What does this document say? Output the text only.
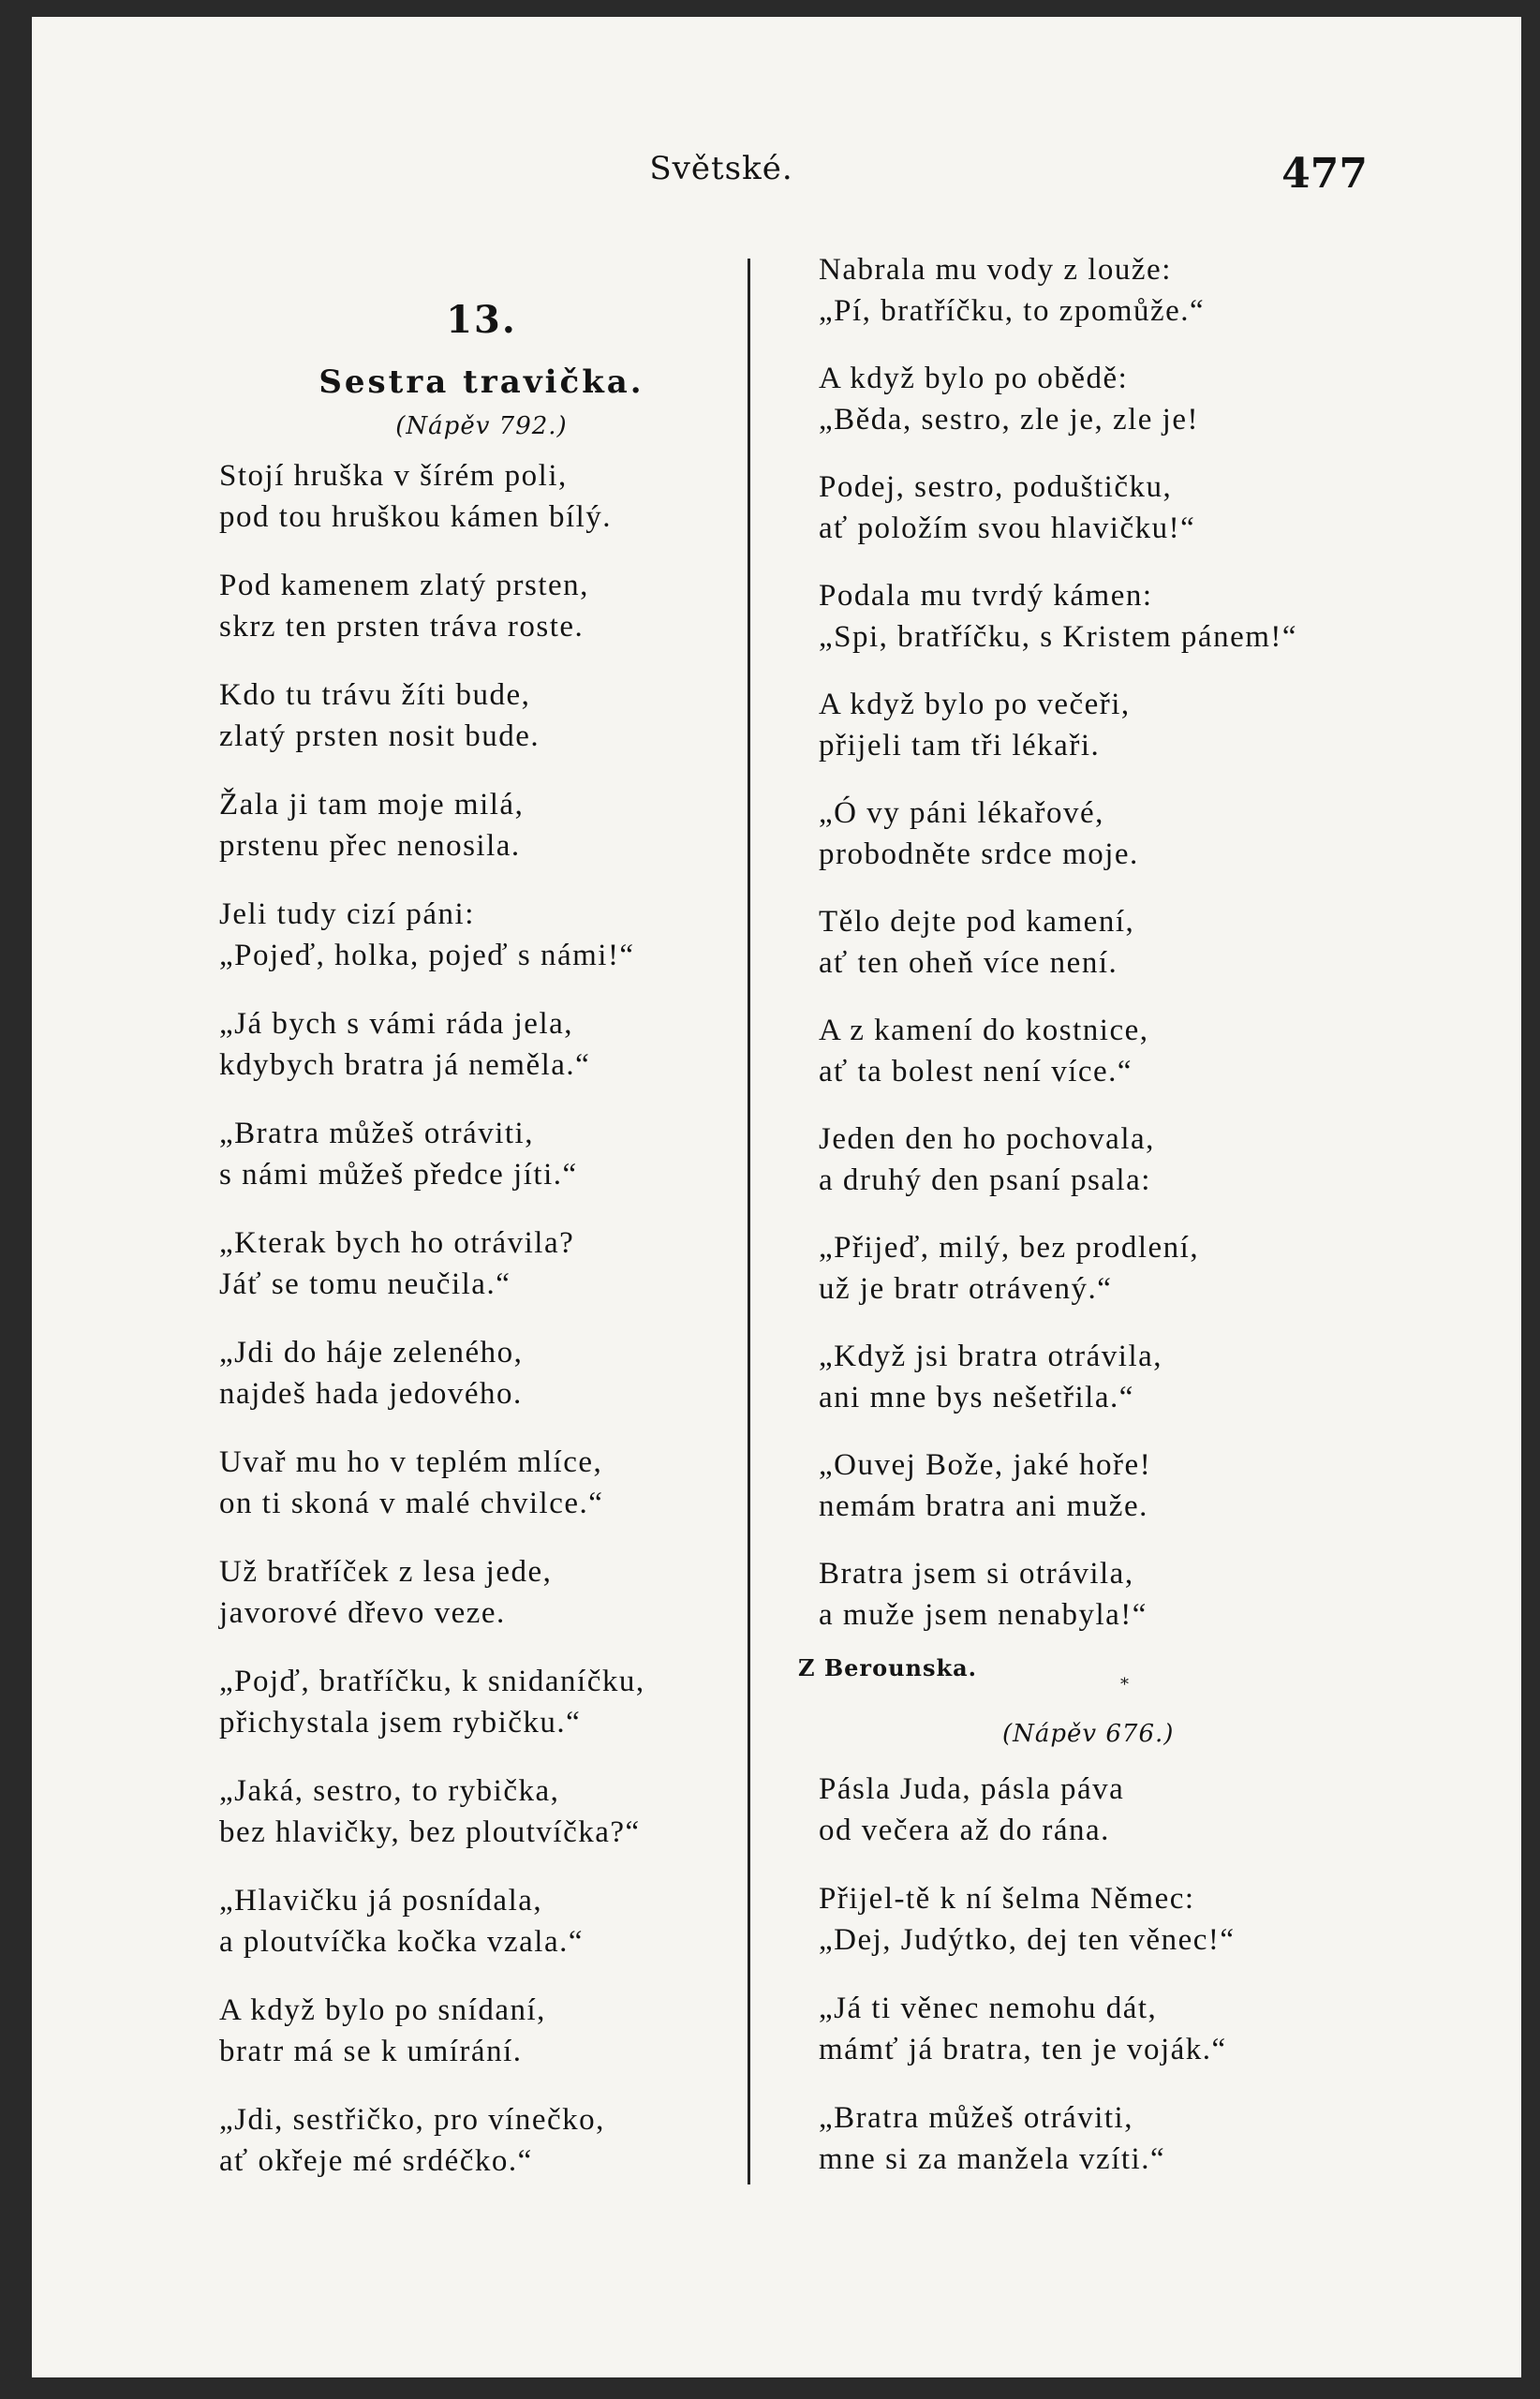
Světské.	477
13.
Sestra travička.
(Nápěv 792.)
Stojí hruška v šírém poli,
pod tou hruškou kámen bílý.
Pod kamenem zlatý prsten,
skrz ten prsten tráva roste.
Kdo tu trávu žíti bude,
zlatý prsten nosit bude.
Žala ji tam moje milá,
prstenu přec nenosila.
Jeli tudy cizí páni:
„Pojeď, holka, pojeď s námi!“
„Já bych s vámi ráda jela,
kdybych bratra já neměla.“
„Bratra můžeš otráviti,
s námi můžeš předce jíti.“
„Kterak bych ho otrávila?
Jáť se tomu neučila.“
„Jdi do háje zeleného,
najdeš hada jedového.
Uvař mu ho v teplém mlíce,
on ti skoná v malé chvilce.“
Už bratříček z lesa jede,
javorové dřevo veze.
„Pojď, bratříčku, k snidaníčku,
přichystala jsem rybičku.“
„Jaká, sestro, to rybička,
bez hlavičky, bez ploutvíčka?“
„Hlavičku já posnídala,
a ploutvíčka kočka vzala.“
A když bylo po snídaní,
bratr má se k umírání.
„Jdi, sestřičko, pro vínečko,
ať okřeje mé srdéčko.“
Nabrala mu vody z louže:
„Pí, bratříčku, to zpomůže.“
A když bylo po obědě:
„Běda, sestro, zle je, zle je!
Podej, sestro, poduštičku,
ať položím svou hlavičku!“
Podala mu tvrdý kámen:
„Spi, bratříčku, s Kristem pánem!“
A když bylo po večeři,
přijeli tam tři lékaři.
„Ó vy páni lékařové,
probodněte srdce moje.
Tělo dejte pod kamení,
ať ten oheň více není.
A z kamení do kostnice,
ať ta bolest není více.“
Jeden den ho pochovala,
a druhý den psaní psala:
„Přijeď, milý, bez prodlení,
už je bratr otrávený.“
„Když jsi bratra otrávila,
ani mne bys nešetřila.“
„Ouvej Bože, jaké hoře!
nemám bratra ani muže.
Bratra jsem si otrávila,
a muže jsem nenabyla!“
Z Berounska.
*
(Nápěv 676.)
Pásla Juda, pásla páva
od večera až do rána.
Přijel-tě k ní šelma Němec:
„Dej, Judýtko, dej ten věnec!“
„Já ti věnec nemohu dát,
mámť já bratra, ten je voják.“
„Bratra můžeš otráviti,
mne si za manžela vzíti.“
